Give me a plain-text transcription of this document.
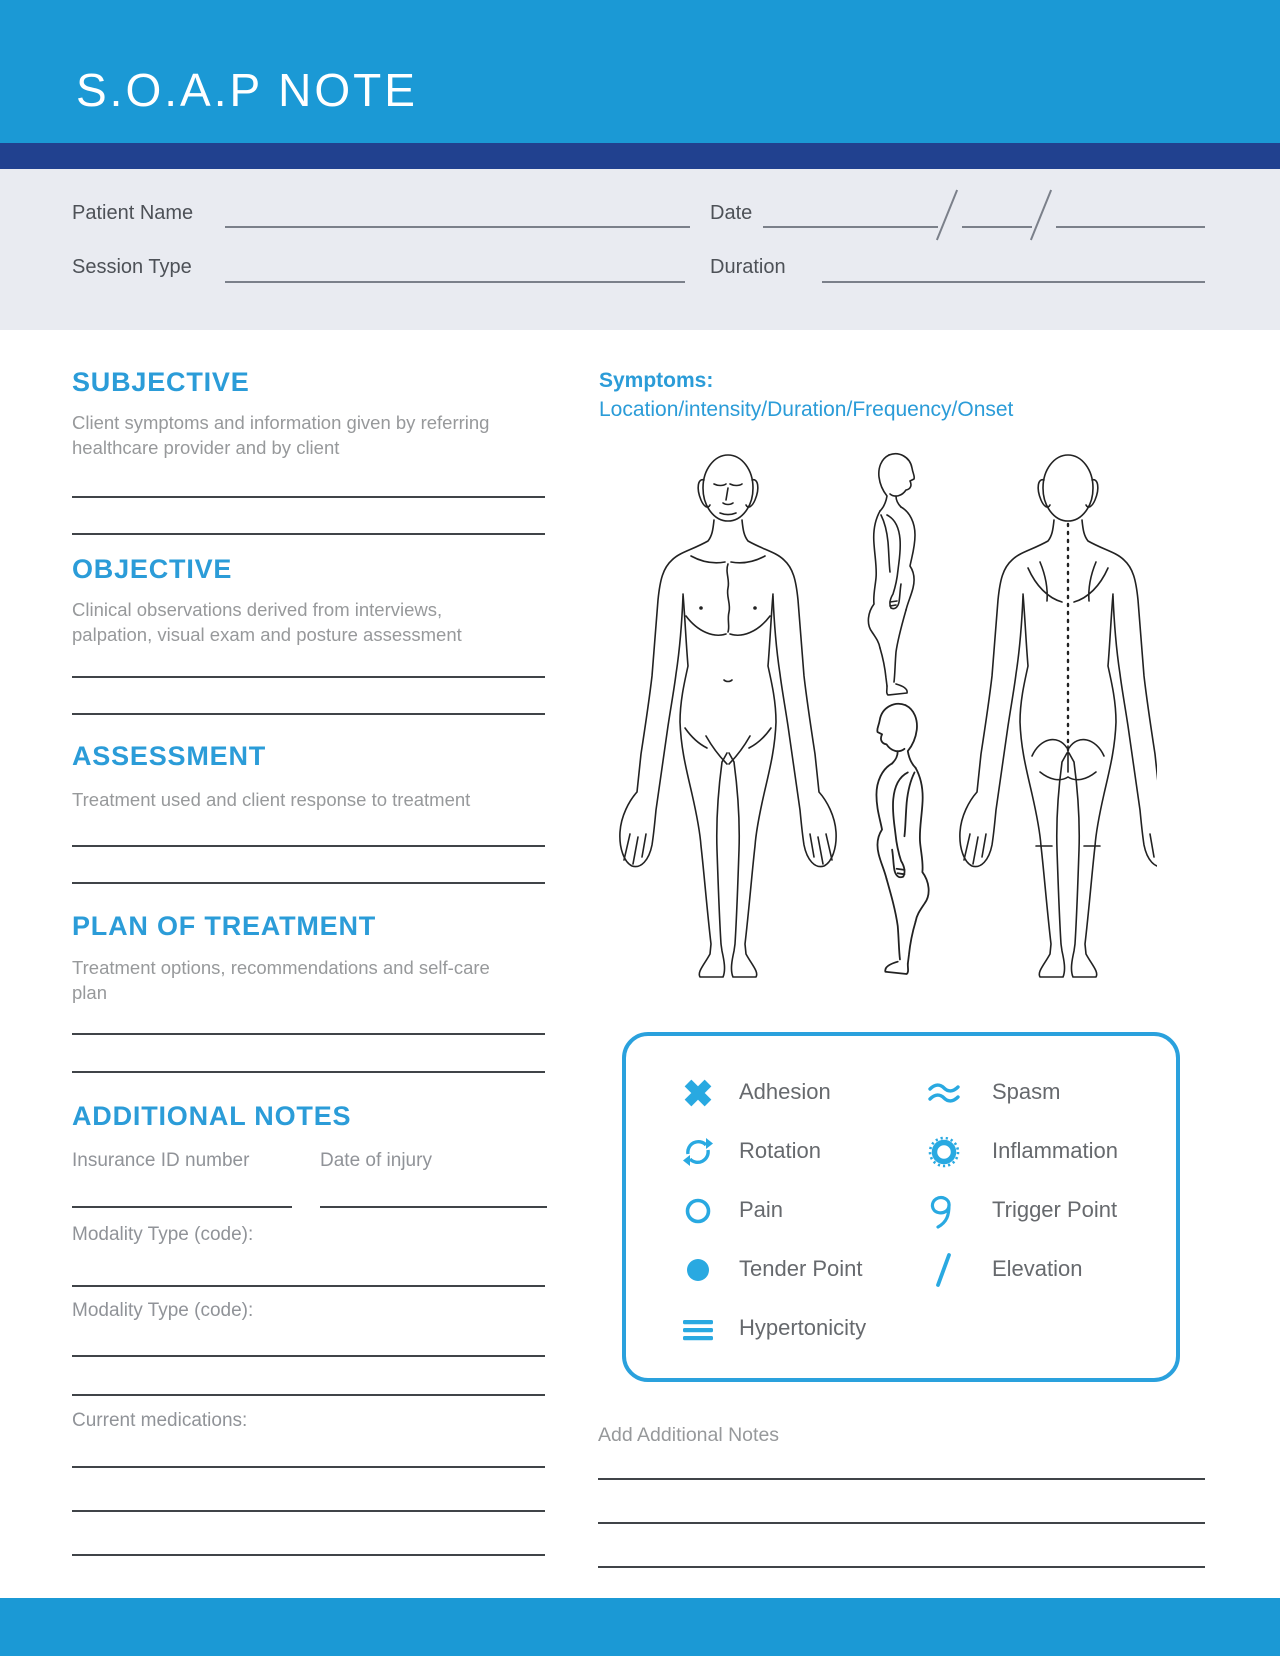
S.O.A.P NOTE
Patient Name	Date
Session Type	Duration
SUBJECTIVE
Client symptoms and information given by referring healthcare provider and by client
OBJECTIVE
Clinical observations derived from interviews, palpation, visual exam and posture assessment
ASSESSMENT
Treatment used and client response to treatment
PLAN OF TREATMENT
Treatment options, recommendations and self-care plan
ADDITIONAL NOTES
Insurance ID number	Date of injury
Modality Type (code):
Modality Type (code):
Current medications:
Symptoms:
Location/intensity/Duration/Frequency/Onset
Adhesion
Rotation
Pain
Tender Point
Hypertonicity
Spasm
Inflammation
Trigger Point
Elevation
Add Additional Notes
